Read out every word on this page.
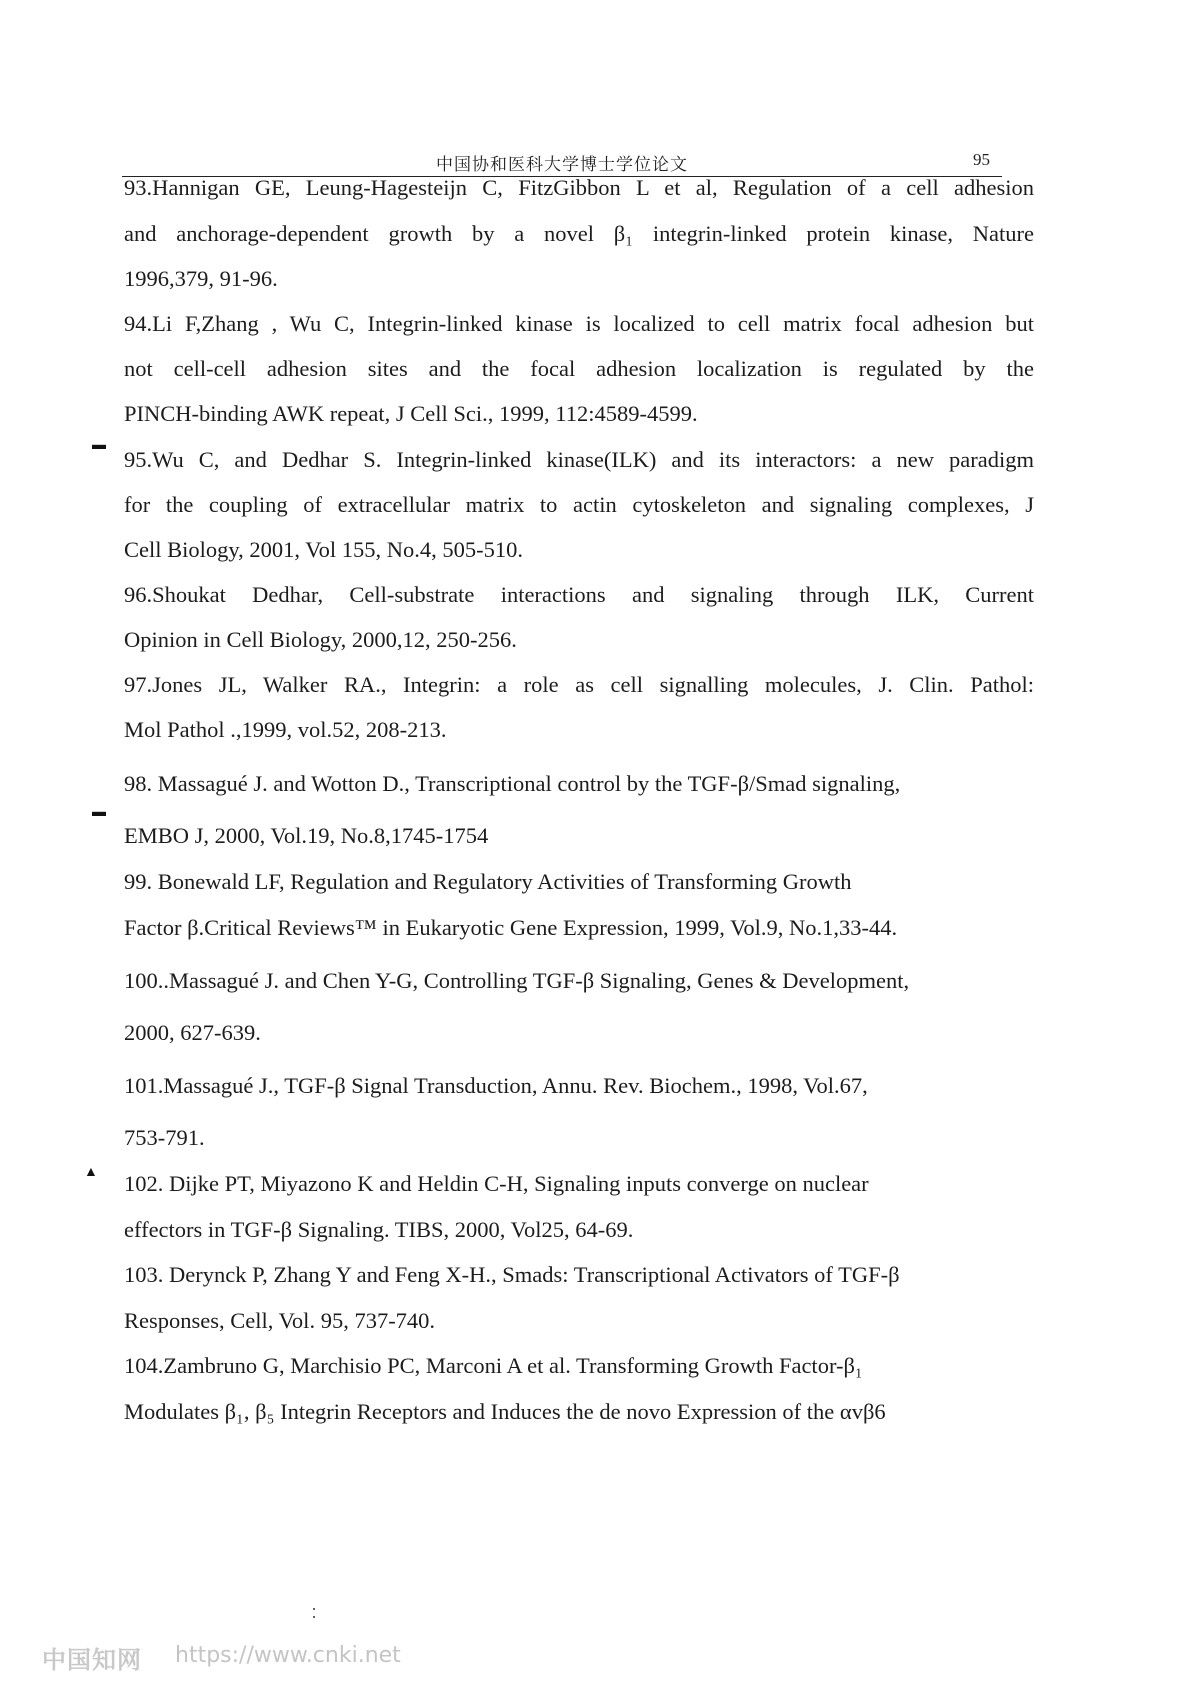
中国协和医科大学博士学位论文	95
93.Hannigan GE, Leung-Hagesteijn C, FitzGibbon L et al, Regulation of a cell adhesion
and anchorage-dependent growth by a novel β₁ integrin-linked protein kinase, Nature
1996,379, 91-96.
94.Li F,Zhang , Wu C, Integrin-linked kinase is localized to cell matrix focal adhesion but
not cell-cell adhesion sites and the focal adhesion localization is regulated by the
PINCH-binding AWK repeat, J Cell Sci., 1999, 112:4589-4599.
▬
95.Wu C, and Dedhar S. Integrin-linked kinase(ILK) and its interactors: a new paradigm
for the coupling of extracellular matrix to actin cytoskeleton and signaling complexes, J
Cell Biology, 2001, Vol 155, No.4, 505-510.
96.Shoukat Dedhar, Cell-substrate interactions and signaling through ILK, Current
Opinion in Cell Biology, 2000,12, 250-256.
97.Jones JL, Walker RA., Integrin: a role as cell signalling molecules, J. Clin. Pathol:
Mol Pathol .,1999, vol.52, 208-213.
98. Massagué J. and Wotton D., Transcriptional control by the TGF-β/Smad signaling,
▬
EMBO J, 2000, Vol.19, No.8,1745-1754
99. Bonewald LF, Regulation and Regulatory Activities of Transforming Growth
Factor β.Critical Reviews™ in Eukaryotic Gene Expression, 1999, Vol.9, No.1,33-44.
100..Massagué J. and Chen Y-G, Controlling TGF-β Signaling, Genes & Development,
2000, 627-639.
101.Massagué J., TGF-β Signal Transduction, Annu. Rev. Biochem., 1998, Vol.67,
753-791.
▲ 102. Dijke PT, Miyazono K and Heldin C-H, Signaling inputs converge on nuclear
effectors in TGF-β Signaling. TIBS, 2000, Vol25, 64-69.
103. Derynck P, Zhang Y and Feng X-H., Smads: Transcriptional Activators of TGF-β
Responses, Cell, Vol. 95, 737-740.
104.Zambruno G, Marchisio PC, Marconi A et al. Transforming Growth Factor-β₁
Modulates β₁, β₅ Integrin Receptors and Induces the de novo Expression of the αvβ6
中国知网 https://www.cnki.net
